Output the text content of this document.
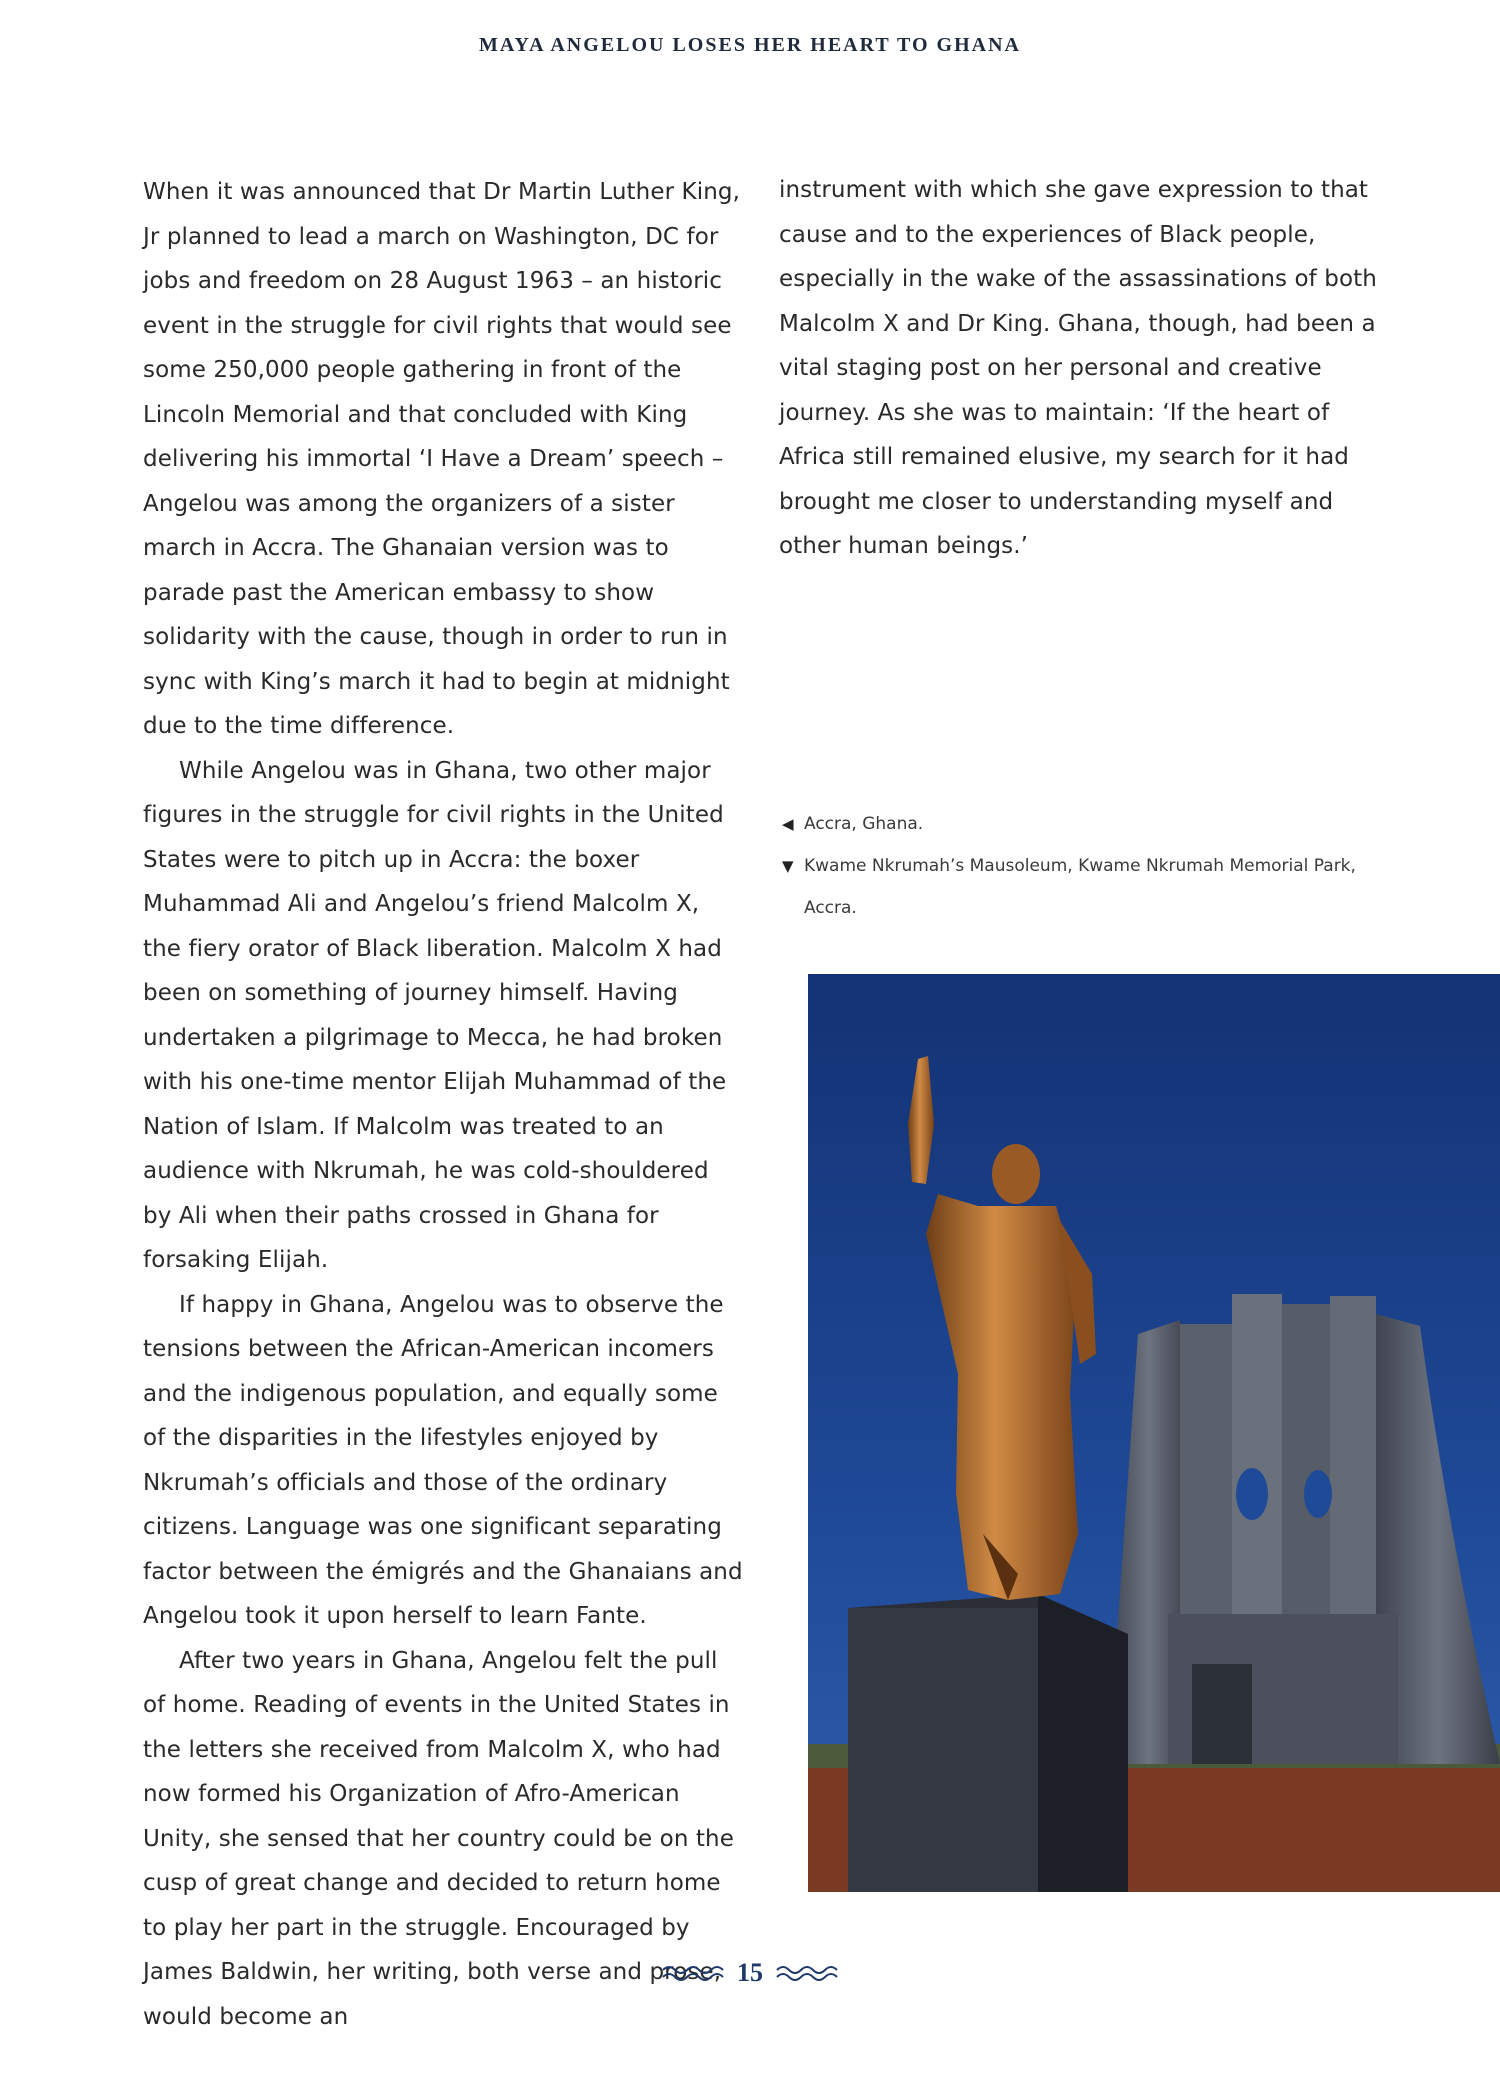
MAYA ANGELOU LOSES HER HEART TO GHANA

When it was announced that Dr Martin Luther King, Jr planned to lead a march on Washington, DC for jobs and freedom on 28 August 1963 – an historic event in the struggle for civil rights that would see some 250,000 people gathering in front of the Lincoln Memorial and that concluded with King delivering his immortal ‘I Have a Dream’ speech – Angelou was among the organizers of a sister march in Accra. The Ghanaian version was to parade past the American embassy to show solidarity with the cause, though in order to run in sync with King’s march it had to begin at midnight due to the time difference.

While Angelou was in Ghana, two other major figures in the struggle for civil rights in the United States were to pitch up in Accra: the boxer Muhammad Ali and Angelou’s friend Malcolm X, the fiery orator of Black liberation. Malcolm X had been on something of journey himself. Having undertaken a pilgrimage to Mecca, he had broken with his one-time mentor Elijah Muhammad of the Nation of Islam. If Malcolm was treated to an audience with Nkrumah, he was cold-shouldered by Ali when their paths crossed in Ghana for forsaking Elijah.

If happy in Ghana, Angelou was to observe the tensions between the African-American incomers and the indigenous population, and equally some of the disparities in the lifestyles enjoyed by Nkrumah’s officials and those of the ordinary citizens. Language was one significant separating factor between the émigrés and the Ghanaians and Angelou took it upon herself to learn Fante.

After two years in Ghana, Angelou felt the pull of home. Reading of events in the United States in the letters she received from Malcolm X, who had now formed his Organization of Afro-American Unity, she sensed that her country could be on the cusp of great change and decided to return home to play her part in the struggle. Encouraged by James Baldwin, her writing, both verse and prose, would become an

instrument with which she gave expression to that cause and to the experiences of Black people, especially in the wake of the assassinations of both Malcolm X and Dr King. Ghana, though, had been a vital staging post on her personal and creative journey. As she was to maintain: ‘If the heart of Africa still remained elusive, my search for it had brought me closer to understanding myself and other human beings.’

◀ Accra, Ghana.
▼ Kwame Nkrumah’s Mausoleum, Kwame Nkrumah Memorial Park, Accra.
15
